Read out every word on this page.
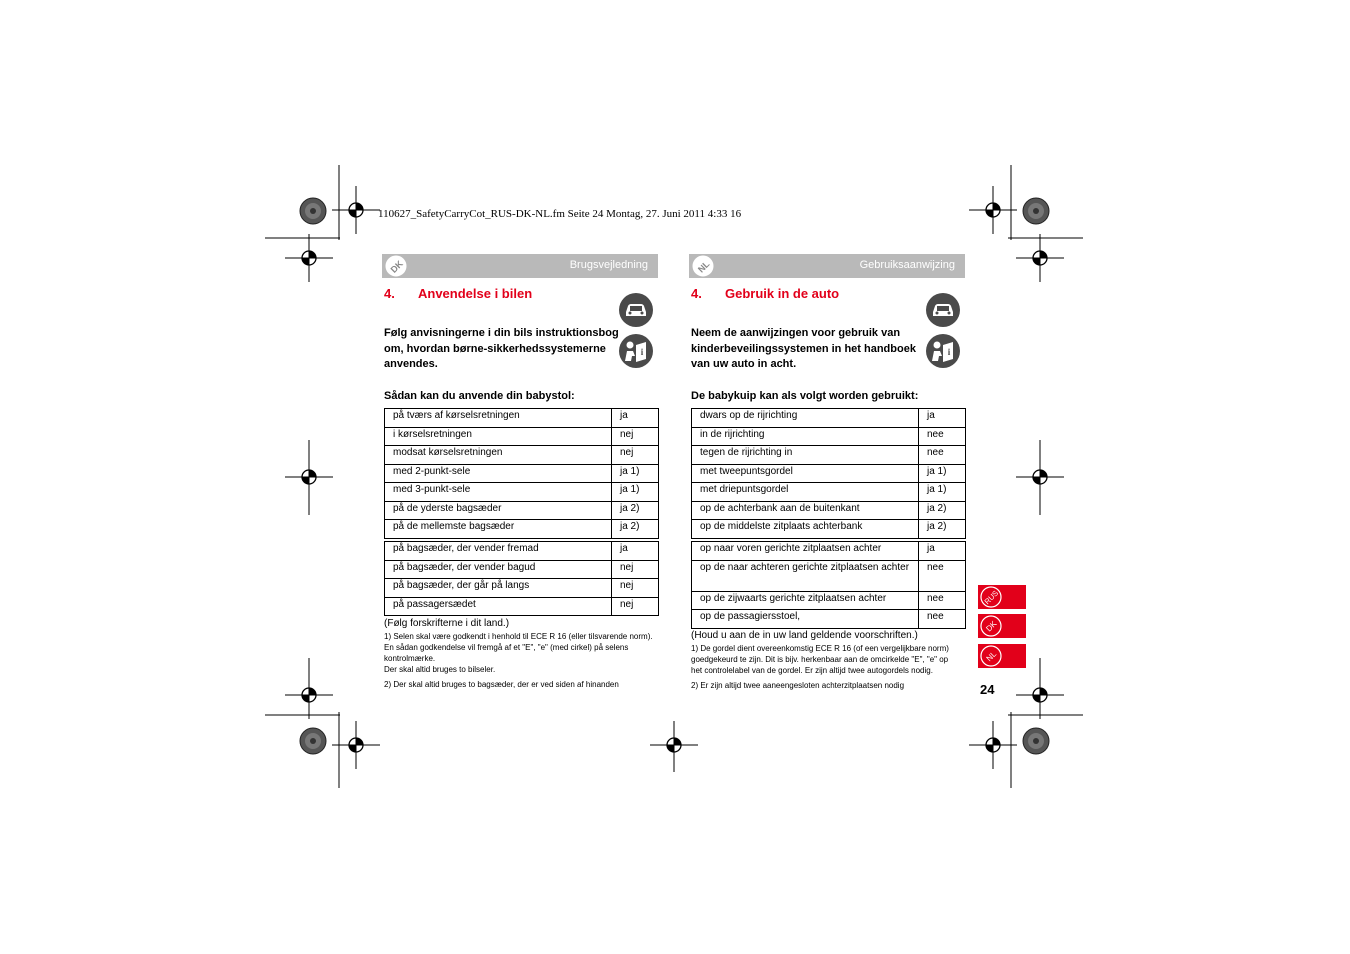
110627_SafetyCarryCot_RUS-DK-NL.fm Seite 24 Montag, 27. Juni 2011 4:33 16
DK	Brugsvejledning
4. Anvendelse i bilen
i
Følg anvisningerne i din bils instruktionsbog om, hvordan børne-sikkerhedssystemerne anvendes.
Sådan kan du anvende din babystol:
på tværs af kørselsretningen	ja
i kørselsretningen	nej
modsat kørselsretningen	nej
med 2-punkt-sele	ja 1)
med 3-punkt-sele	ja 1)
på de yderste bagsæder	ja 2)
på de mellemste bagsæder	ja 2)
på bagsæder, der vender fremad	ja
på bagsæder, der vender bagud	nej
på bagsæder, der går på langs	nej
på passagersædet	nej
(Følg forskrifterne i dit land.)

1) Selen skal være godkendt i henhold til ECE R 16 (eller tilsvarende norm). En sådan godkendelse vil fremgå af et "E", "e" (med cirkel) på selens kontrolmærke.
Der skal altid bruges to bilseler.

2) Der skal altid bruges to bagsæder, der er ved siden af hinanden

NL	Gebruiksaanwijzing
4. Gebruik in de auto
i
Neem de aanwijzingen voor gebruik van kinderbeveilingssystemen in het handboek van uw auto in acht.
De babykuip kan als volgt worden gebruikt:
dwars op de rijrichting	ja
in de rijrichting	nee
tegen de rijrichting in	nee
met tweepuntsgordel	ja 1)
met driepuntsgordel	ja 1)
op de achterbank aan de buitenkant	ja 2)
op de middelste zitplaats achterbank	ja 2)
op naar voren gerichte zitplaatsen achter	ja
op de naar achteren gerichte zitplaatsen achter	nee
op de zijwaarts gerichte zitplaatsen achter	nee
op de passagiersstoel,	nee
(Houd u aan de in uw land geldende voorschriften.)

1) De gordel dient overeenkomstig ECE R 16 (of een vergelijkbare norm) goedgekeurd te zijn. Dit is bijv. herkenbaar aan de omcirkelde "E", "e" op het controlelabel van de gordel. Er zijn altijd twee autogordels nodig.

2) Er zijn altijd twee aaneengesloten achterzitplaatsen nodig

RUS
DK
NL
24
